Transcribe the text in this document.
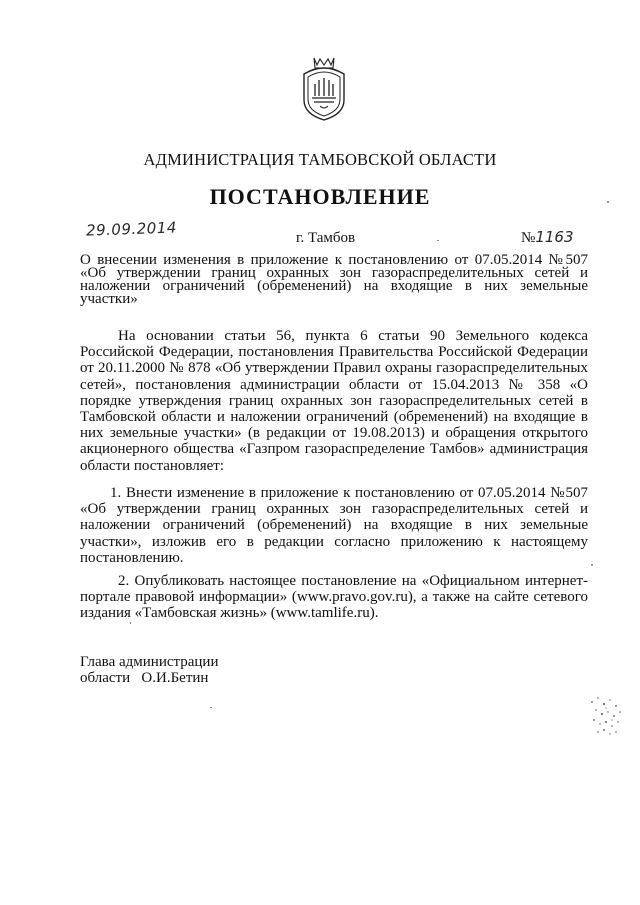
АДМИНИСТРАЦИЯ ТАМБОВСКОЙ ОБЛАСТИ
ПОСТАНОВЛЕНИЕ
29.09.2014	г. Тамбов	№1163
О внесении изменения в приложение к постановлению от 07.05.2014 №507 «Об утверждении границ охранных зон газораспределительных сетей и наложении ограничений (обременений) на входящие в них земельные участки»
На основании статьи 56, пункта 6 статьи 90 Земельного кодекса Российской Федерации, постановления Правительства Российской Федерации от 20.11.2000 № 878 «Об утверждении Правил охраны газораспределительных сетей», постановления администрации области от 15.04.2013 № 358 «О порядке утверждения границ охранных зон газораспределительных сетей в Тамбовской области и наложении ограничений (обременений) на входящие в них земельные участки» (в редакции от 19.08.2013) и обращения открытого акционерного общества «Газпром газораспределение Тамбов» администрация области постановляет:
1. Внести изменение в приложение к постановлению от 07.05.2014 №507 «Об утверждении границ охранных зон газораспределительных сетей и наложении ограничений (обременений) на входящие в них земельные участки», изложив его в редакции согласно приложению к настоящему постановлению.
2. Опубликовать настоящее постановление на «Официальном интернет-портале правовой информации» (www.pravo.gov.ru), а также на сайте сетевого издания «Тамбовская жизнь» (www.tamlife.ru).
Глава администрации
области О.И.Бетин
